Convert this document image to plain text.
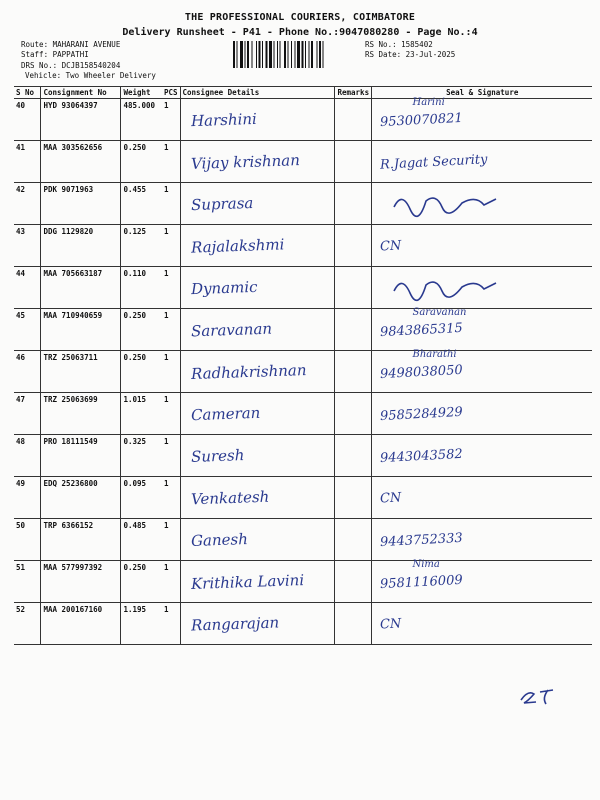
THE PROFESSIONAL COURIERS, COIMBATORE
Delivery Runsheet - P41 - Phone No.:9047080280 - Page No.:4
Route: MAHARANI AVENUE
Staff: PAPPATHI
DRS No.: DCJB158540204
Vehicle: Two Wheeler Delivery
RS No.: 1585402
RS Date: 23-Jul-2025
S No	Consignment No	Weight	PCS	Consignee Details	Remarks	Seal & Signature
40	HYD 93064397	485.000	1	Harshini		Harini
9530070821

41	MAA 303562656	0.250	1	Vijay krishnan		R.Jagat Security

42	PDK 9071963	0.455	1	Suprasa

43	DDG 1129820	0.125	1	Rajalakshmi		CN

44	MAA 705663187	0.110	1	Dynamic

45	MAA 710940659	0.250	1	Saravanan		Saravanan
9843865315

46	TRZ 25063711	0.250	1	Radhakrishnan		Bharathi
9498038050

47	TRZ 25063699	1.015	1	Cameran		9585284929

48	PRO 18111549	0.325	1	Suresh		9443043582

49	EDQ 25236800	0.095	1	Venkatesh		CN

50	TRP 6366152	0.485	1	Ganesh		9443752333

51	MAA 577997392	0.250	1	Krithika Lavini		Nima
9581116009

52	MAA 200167160	1.195	1	Rangarajan		CN
